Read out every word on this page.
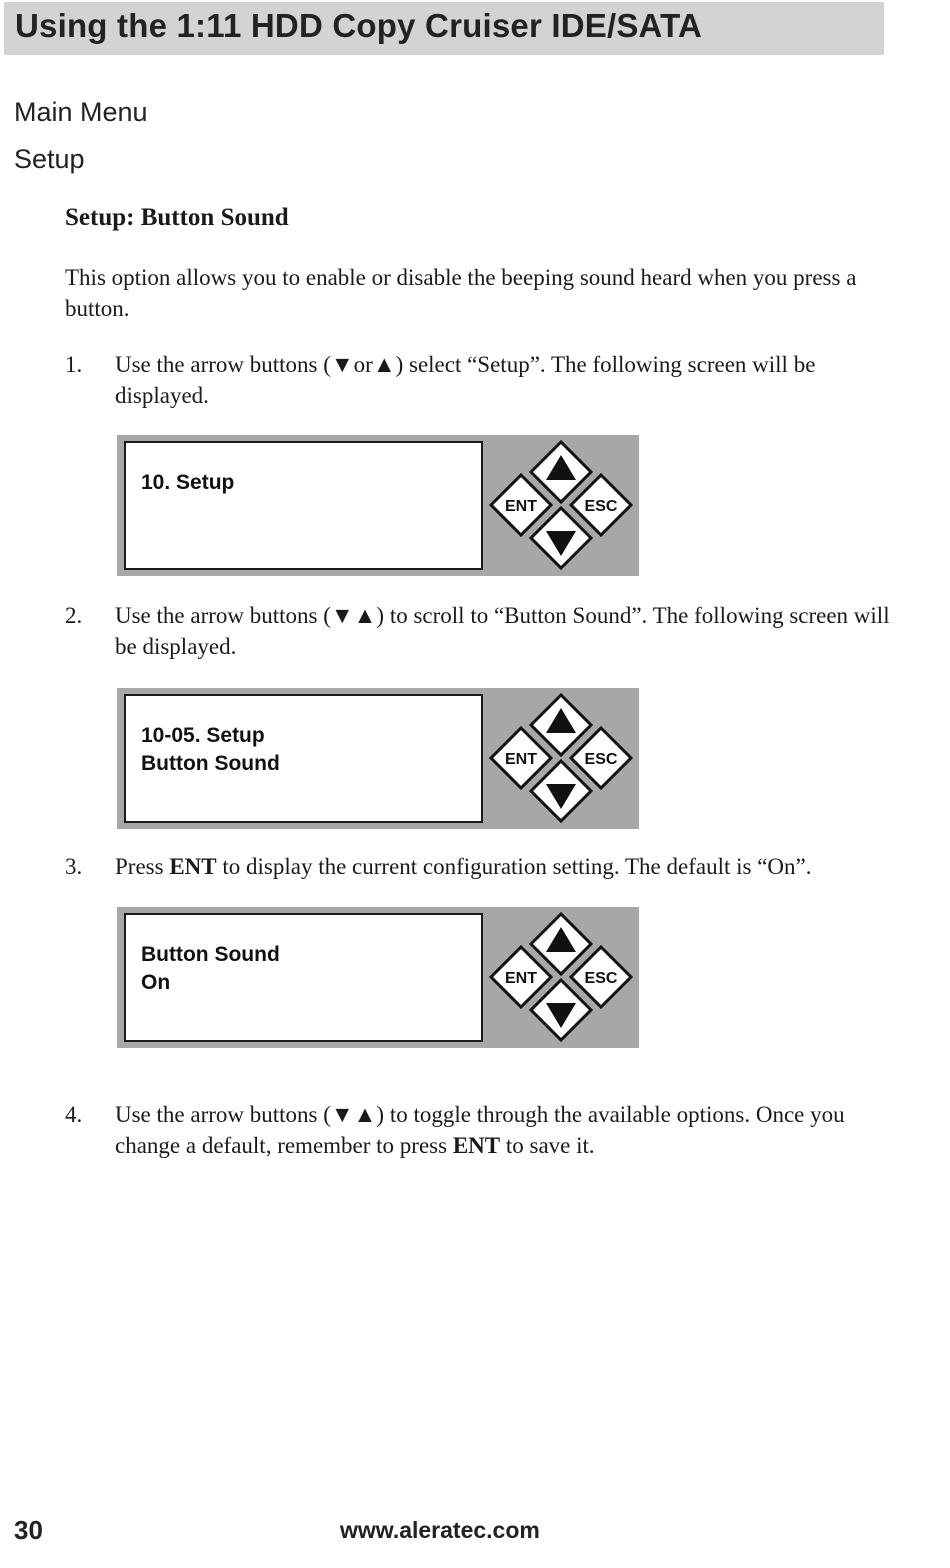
Using the 1:11 HDD Copy Cruiser IDE/SATA
Main Menu
Setup
Setup: Button Sound
This option allows you to enable or disable the beeping sound heard when you press a button.
1. Use the arrow buttons (▼or▲) select “Setup”. The following screen will be displayed.
10. Setup
ENT	ESC
2. Use the arrow buttons (▼▲) to scroll to “Button Sound”. The following screen will be displayed.
10-05. Setup
Button Sound	ENT	ESC
3. Press ENT to display the current configuration setting. The default is “On”.
Button Sound
On	ENT	ESC
4. Use the arrow buttons (▼▲) to toggle through the available options. Once you change a default, remember to press ENT to save it.
30	www.aleratec.com
